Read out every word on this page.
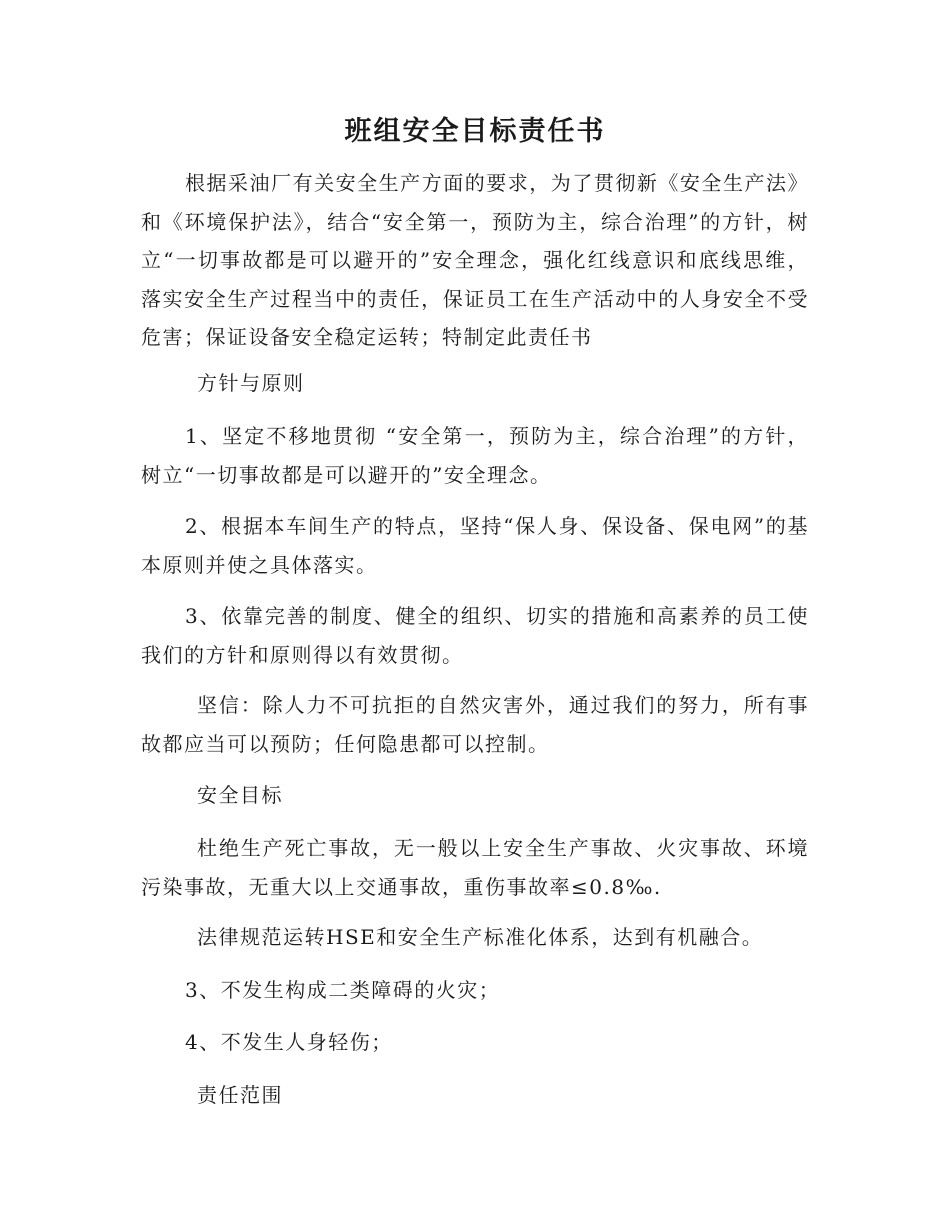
班组安全目标责任书

根据采油厂有关安全生产方面的要求，为了贯彻新《安全生产法》和《环境保护法》，结合“安全第一，预防为主，综合治理”的方针，树立“一切事故都是可以避开的”安全理念，强化红线意识和底线思维，落实安全生产过程当中的责任，保证员工在生产活动中的人身安全不受危害；保证设备安全稳定运转；特制定此责任书

方针与原则

1、坚定不移地贯彻 “安全第一，预防为主，综合治理”的方针，树立“一切事故都是可以避开的”安全理念。

2、根据本车间生产的特点，坚持“保人身、保设备、保电网”的基本原则并使之具体落实。

3、依靠完善的制度、健全的组织、切实的措施和高素养的员工使我们的方针和原则得以有效贯彻。

坚信：除人力不可抗拒的自然灾害外，通过我们的努力，所有事故都应当可以预防；任何隐患都可以控制。

安全目标

杜绝生产死亡事故，无一般以上安全生产事故、火灾事故、环境污染事故，无重大以上交通事故，重伤事故率≤0.8‰.

法律规范运转HSE和安全生产标准化体系，达到有机融合。

3、不发生构成二类障碍的火灾；

4、不发生人身轻伤；

责任范围
